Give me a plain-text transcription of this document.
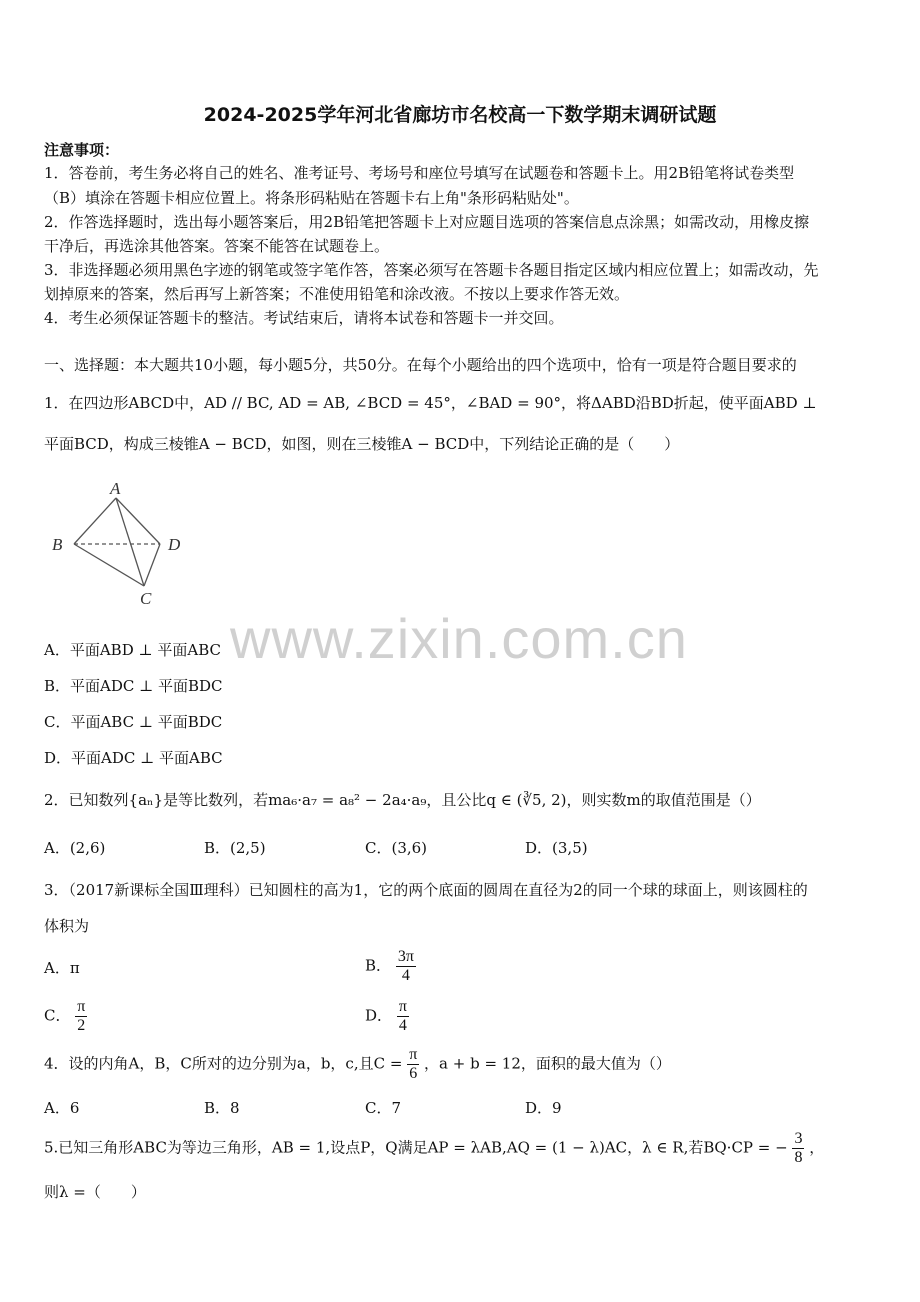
2024-2025学年河北省廊坊市名校高一下数学期末调研试题
注意事项：
1．答卷前，考生务必将自己的姓名、准考证号、考场号和座位号填写在试题卷和答题卡上。用2B铅笔将试卷类型
（B）填涂在答题卡相应位置上。将条形码粘贴在答题卡右上角"条形码粘贴处"。
2．作答选择题时，选出每小题答案后，用2B铅笔把答题卡上对应题目选项的答案信息点涂黑；如需改动，用橡皮擦
干净后，再选涂其他答案。答案不能答在试题卷上。
3．非选择题必须用黑色字迹的钢笔或签字笔作答，答案必须写在答题卡各题目指定区域内相应位置上；如需改动，先
划掉原来的答案，然后再写上新答案；不准使用铅笔和涂改液。不按以上要求作答无效。
4．考生必须保证答题卡的整洁。考试结束后，请将本试卷和答题卡一并交回。
一、选择题：本大题共10小题，每小题5分，共50分。在每个小题给出的四个选项中，恰有一项是符合题目要求的
1．在四边形ABCD中，AD // BC, AD = AB, ∠BCD = 45°，∠BAD = 90°，将ΔABD沿BD折起，使平面ABD ⊥
平面BCD，构成三棱锥A − BCD，如图，则在三棱锥A − BCD中，下列结论正确的是（　　）
A
B	D
C
www.zixin.com.cn
A．平面ABD ⊥ 平面ABC
B．平面ADC ⊥ 平面BDC
C．平面ABC ⊥ 平面BDC
D．平面ADC ⊥ 平面ABC
2．已知数列{aₙ}是等比数列，若ma₆·a₇ = a₈² − 2a₄·a₉，且公比q ∈ (∛5, 2)，则实数m的取值范围是（）
A．(2,6)	B．(2,5)	C．(3,6)	D．(3,5)
3．（2017新课标全国Ⅲ理科）已知圆柱的高为1，它的两个底面的圆周在直径为2的同一个球的球面上，则该圆柱的
体积为
A．π	B． $\frac{3\pi}{4}$
C． $\frac{\pi}{2}$	D． $\frac{\pi}{4}$
4．设的内角A，B，C所对的边分别为a，b，c,且$C = \frac{\pi}{6}$ ，a + b = 12，面积的最大值为（）
A．6	B．8	C．7	D．9
5.已知三角形ABC为等边三角形，AB = 1,设点P，Q满足AP = λAB,AQ = (1 − λ)AC，λ ∈ R,若BQ·CP = − $\frac{3}{8}$ ，
则λ =（　　）
